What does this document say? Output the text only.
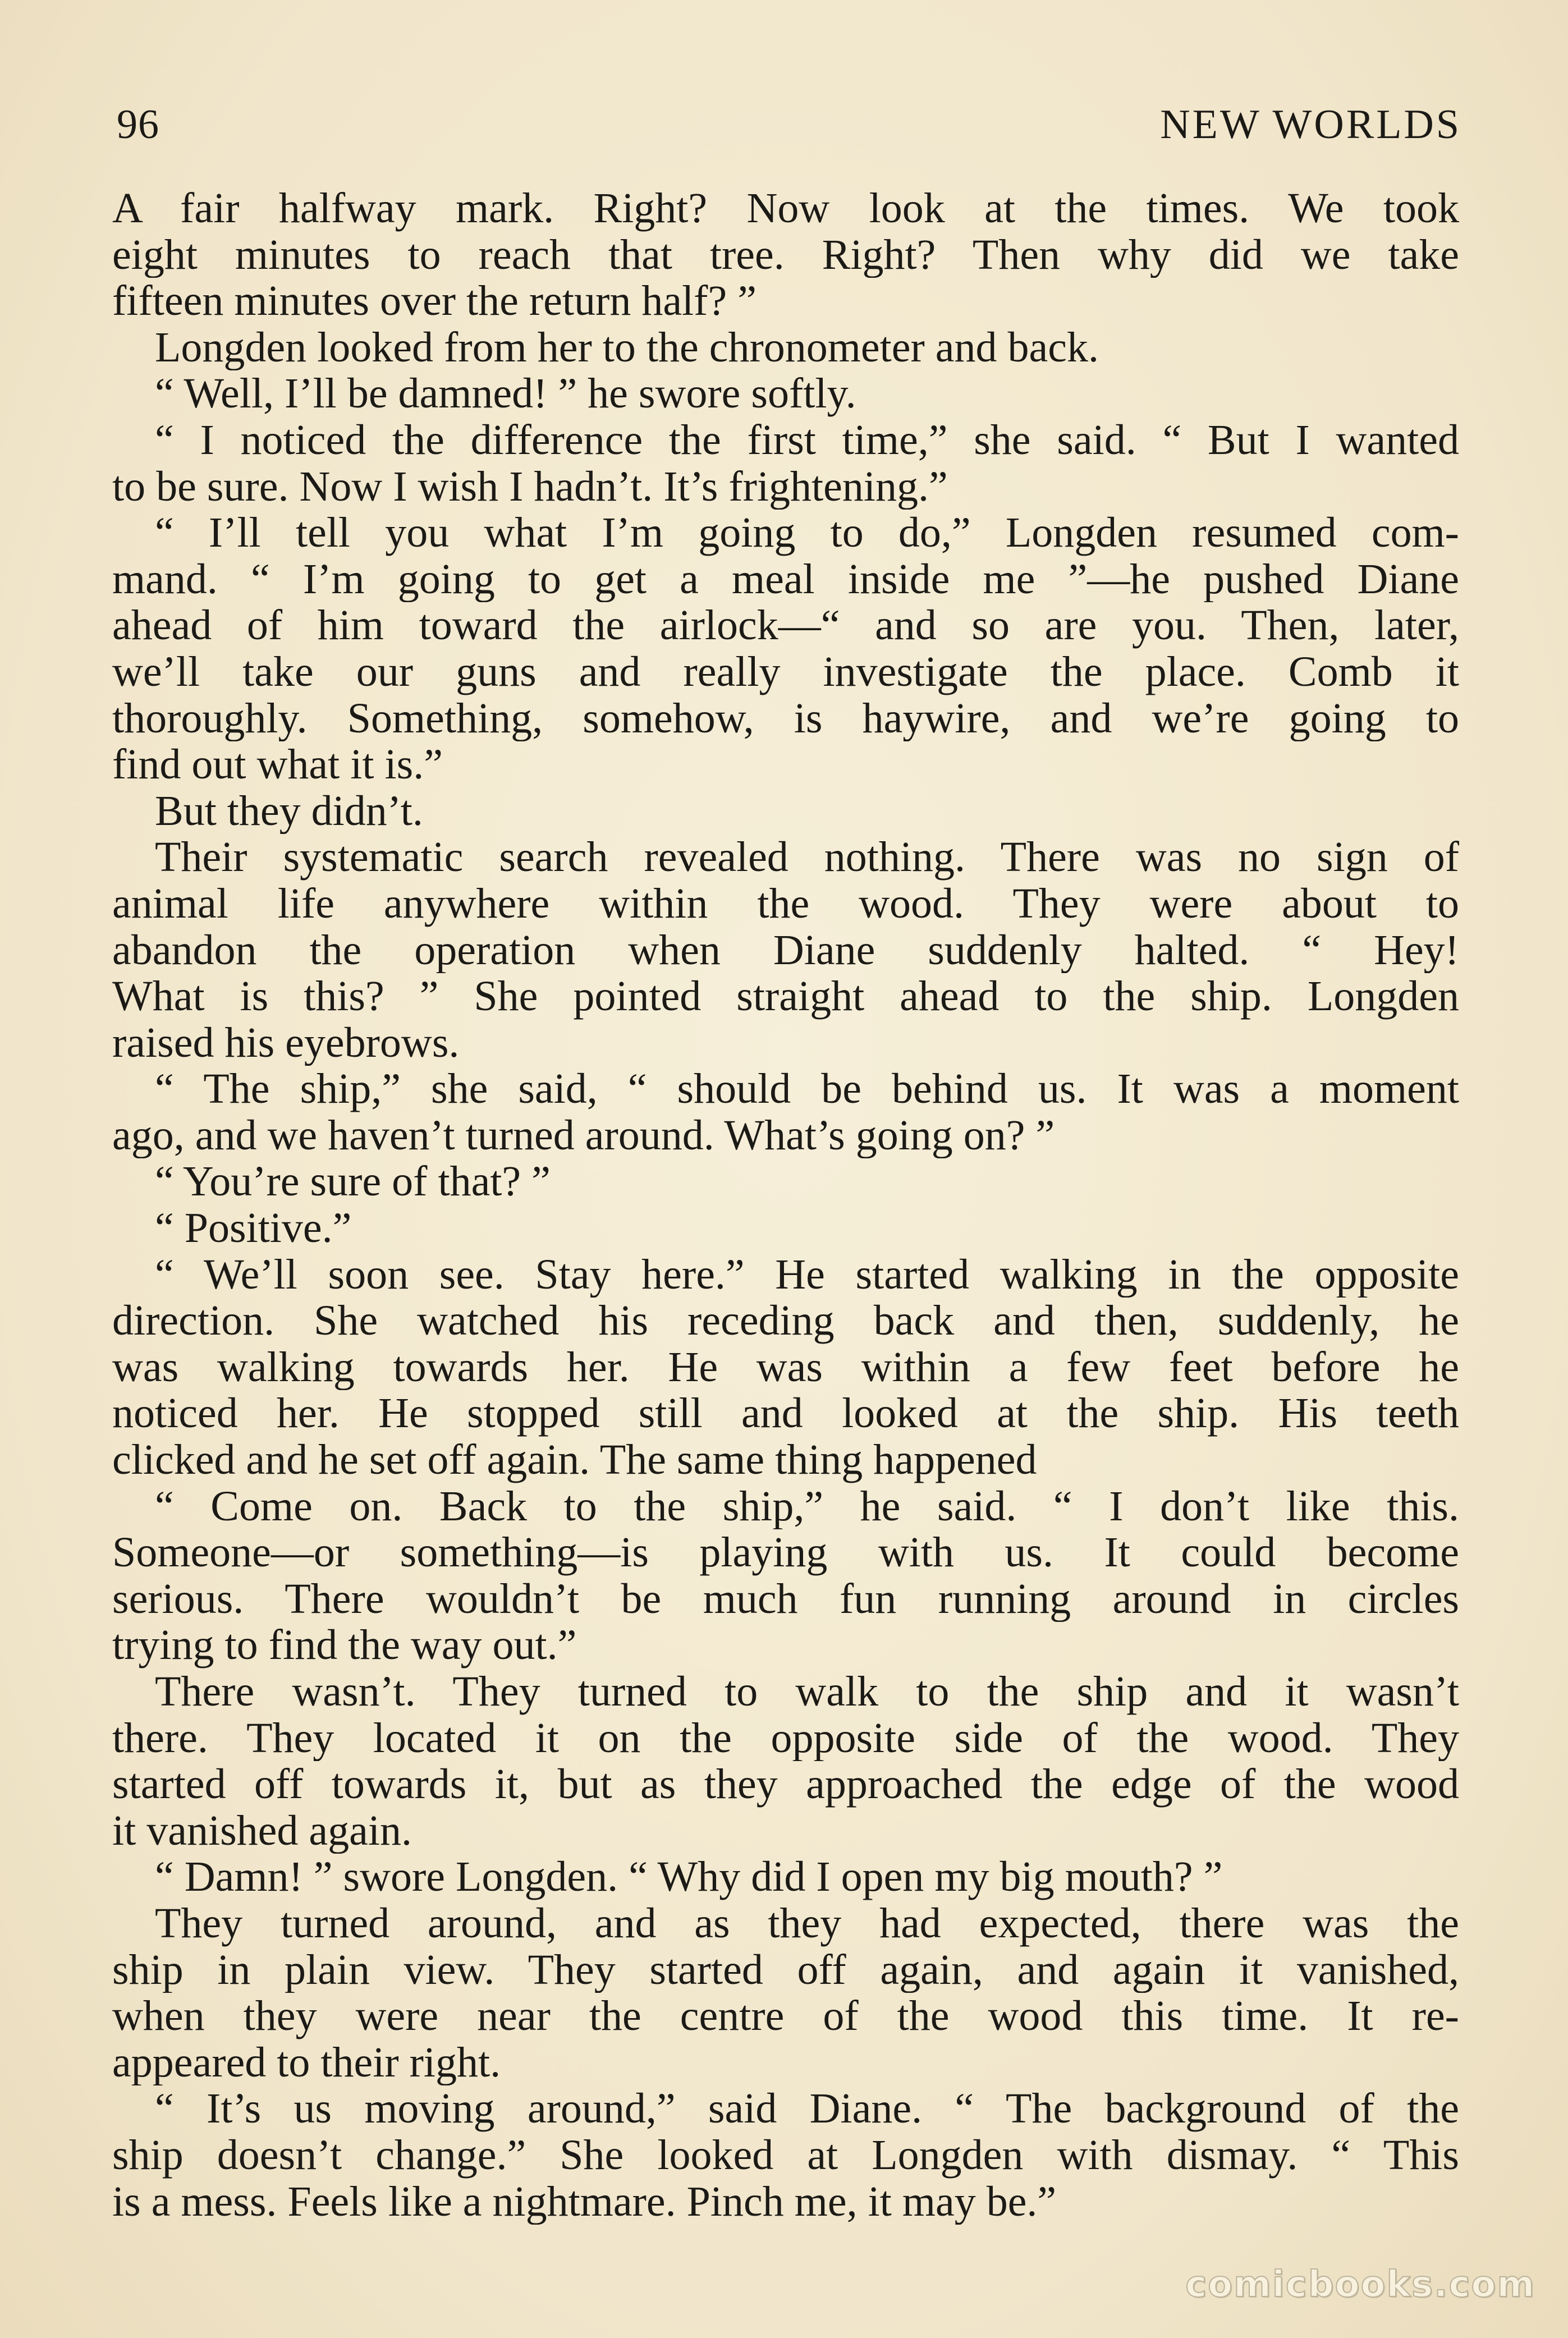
96	NEW WORLDS
A fair halfway mark. Right? Now look at the times. We took
eight minutes to reach that tree. Right? Then why did we take
fifteen minutes over the return half? ”
Longden looked from her to the chronometer and back.
“ Well, I’ll be damned! ” he swore softly.
“ I noticed the difference the first time,” she said. “ But I wanted
to be sure. Now I wish I hadn’t. It’s frightening.”
“ I’ll tell you what I’m going to do,” Longden resumed com-
mand. “ I’m going to get a meal inside me ”—he pushed Diane
ahead of him toward the airlock—“ and so are you. Then, later,
we’ll take our guns and really investigate the place. Comb it
thoroughly. Something, somehow, is haywire, and we’re going to
find out what it is.”
But they didn’t.
Their systematic search revealed nothing. There was no sign of
animal life anywhere within the wood. They were about to
abandon the operation when Diane suddenly halted. “ Hey!
What is this? ” She pointed straight ahead to the ship. Longden
raised his eyebrows.
“ The ship,” she said, “ should be behind us. It was a moment
ago, and we haven’t turned around. What’s going on? ”
“ You’re sure of that? ”
“ Positive.”
“ We’ll soon see. Stay here.” He started walking in the opposite
direction. She watched his receding back and then, suddenly, he
was walking towards her. He was within a few feet before he
noticed her. He stopped still and looked at the ship. His teeth
clicked and he set off again. The same thing happened
“ Come on. Back to the ship,” he said. “ I don’t like this.
Someone—or something—is playing with us. It could become
serious. There wouldn’t be much fun running around in circles
trying to find the way out.”
There wasn’t. They turned to walk to the ship and it wasn’t
there. They located it on the opposite side of the wood. They
started off towards it, but as they approached the edge of the wood
it vanished again.
“ Damn! ” swore Longden. “ Why did I open my big mouth? ”
They turned around, and as they had expected, there was the
ship in plain view. They started off again, and again it vanished,
when they were near the centre of the wood this time. It re-
appeared to their right.
“ It’s us moving around,” said Diane. “ The background of the
ship doesn’t change.” She looked at Longden with dismay. “ This
is a mess. Feels like a nightmare. Pinch me, it may be.”
comicbooks.com
